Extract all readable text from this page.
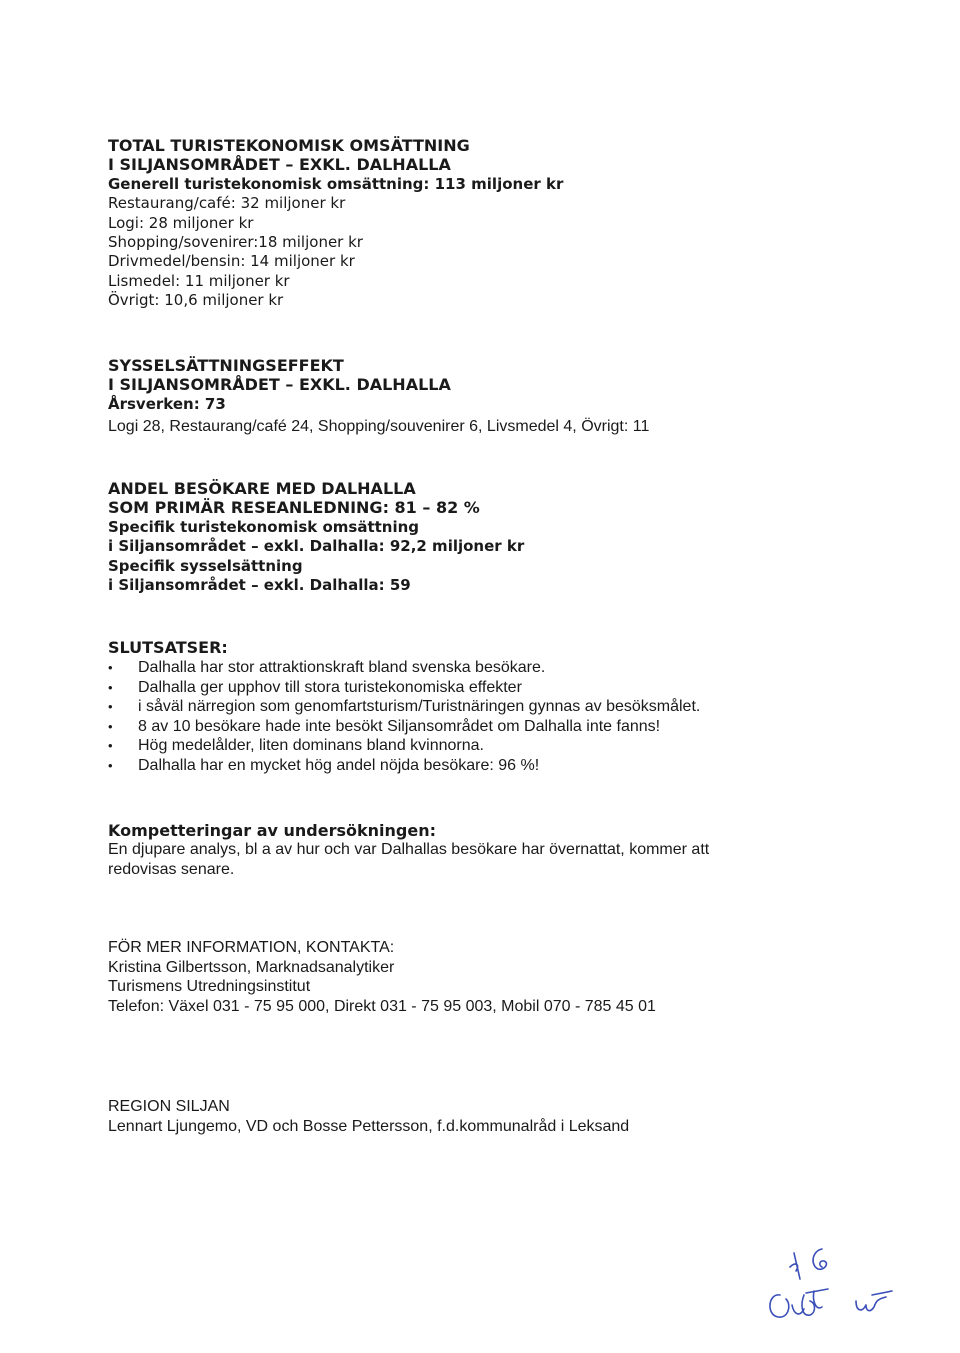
TOTAL TURISTEKONOMISK OMSÄTTNING
I SILJANSOMRÅDET – EXKL. DALHALLA
Generell turistekonomisk omsättning: 113 miljoner kr
Restaurang/café: 32 miljoner kr
Logi: 28 miljoner kr
Shopping/sovenirer:18 miljoner kr
Drivmedel/bensin: 14 miljoner kr
Lismedel: 11 miljoner kr
Övrigt: 10,6 miljoner kr
SYSSELSÄTTNINGSEFFEKT
I SILJANSOMRÅDET – EXKL. DALHALLA
Årsverken: 73
Logi 28, Restaurang/café 24, Shopping/souvenirer 6, Livsmedel 4, Övrigt: 11
ANDEL BESÖKARE MED DALHALLA
SOM PRIMÄR RESEANLEDNING: 81 – 82 %
Specifik turistekonomisk omsättning
i Siljansområdet – exkl. Dalhalla: 92,2 miljoner kr
Specifik sysselsättning
i Siljansområdet – exkl. Dalhalla: 59
SLUTSATSER:
• Dalhalla har stor attraktionskraft bland svenska besökare.
• Dalhalla ger upphov till stora turistekonomiska effekter
• i såväl närregion som genomfartsturism/Turistnäringen gynnas av besöksmålet.
• 8 av 10 besökare hade inte besökt Siljansområdet om Dalhalla inte fanns!
• Hög medelålder, liten dominans bland kvinnorna.
• Dalhalla har en mycket hög andel nöjda besökare: 96 %!
Kompetteringar av undersökningen:
En djupare analys, bl a av hur och var Dalhallas besökare har övernattat, kommer att
redovisas senare.
FÖR MER INFORMATION, KONTAKTA:
Kristina Gilbertsson, Marknadsanalytiker
Turismens Utredningsinstitut
Telefon: Växel 031 - 75 95 000, Direkt 031 - 75 95 003, Mobil 070 - 785 45 01
REGION SILJAN
Lennart Ljungemo, VD och Bosse Pettersson, f.d.kommunalråd i Leksand
